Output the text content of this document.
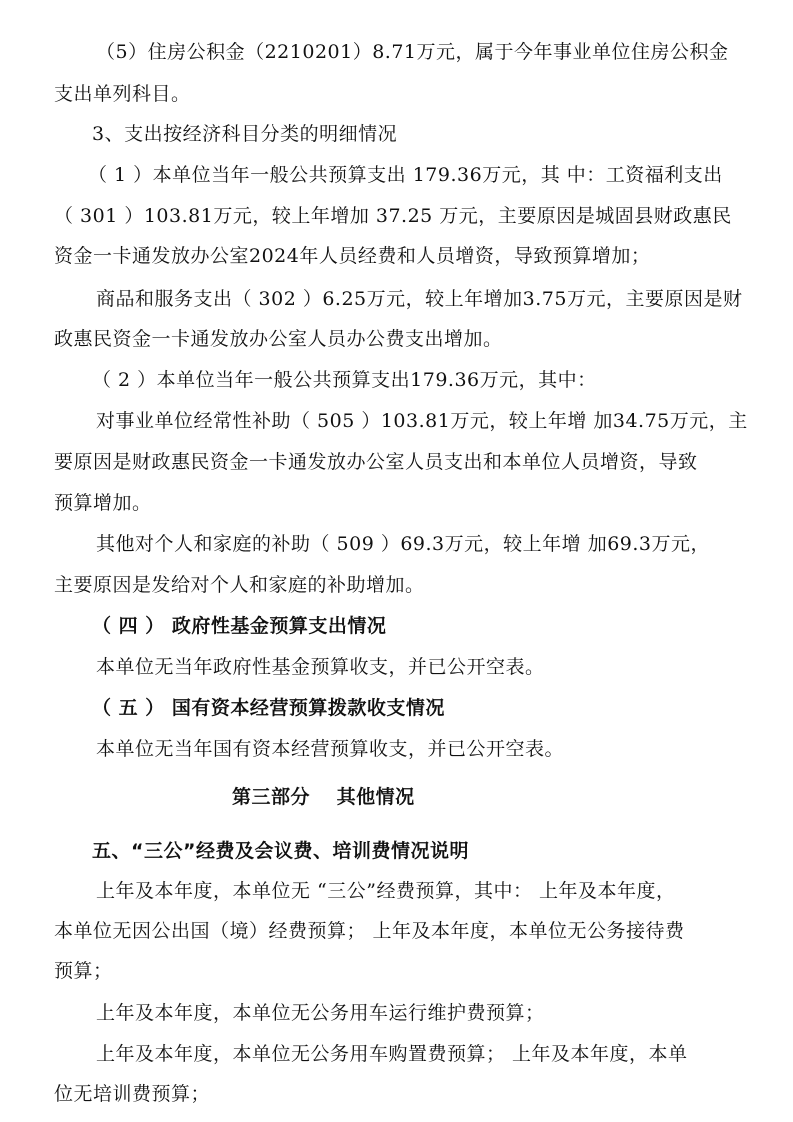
（5）住房公积金（2210201）8.71万元，属于今年事业单位住房公积金
支出单列科目。
3、支出按经济科目分类的明细情况
（ 1 ）本单位当年一般公共预算支出 179.36万元，其 中：工资福利支出
（ 301 ）103.81万元，较上年增加 37.25 万元，主要原因是城固县财政惠民
资金一卡通发放办公室2024年人员经费和人员增资，导致预算增加；
商品和服务支出（ 302 ）6.25万元，较上年增加3.75万元，主要原因是财
政惠民资金一卡通发放办公室人员办公费支出增加。
（ 2 ）本单位当年一般公共预算支出179.36万元，其中：
对事业单位经常性补助（ 505 ）103.81万元，较上年增 加34.75万元，主
要原因是财政惠民资金一卡通发放办公室人员支出和本单位人员增资，导致
预算增加。
其他对个人和家庭的补助（ 509 ）69.3万元，较上年增 加69.3万元，
主要原因是发给对个人和家庭的补助增加。
（ 四 ） 政府性基金预算支出情况
本单位无当年政府性基金预算收支，并已公开空表。
（ 五 ） 国有资本经营预算拨款收支情况
本单位无当年国有资本经营预算收支，并已公开空表。
第三部分　 其他情况
五、“三公”经费及会议费、培训费情况说明
上年及本年度，本单位无 “三公”经费预算，其中： 上年及本年度，
本单位无因公出国（境）经费预算； 上年及本年度，本单位无公务接待费
预算；
上年及本年度，本单位无公务用车运行维护费预算；
上年及本年度，本单位无公务用车购置费预算； 上年及本年度，本单
位无培训费预算；
